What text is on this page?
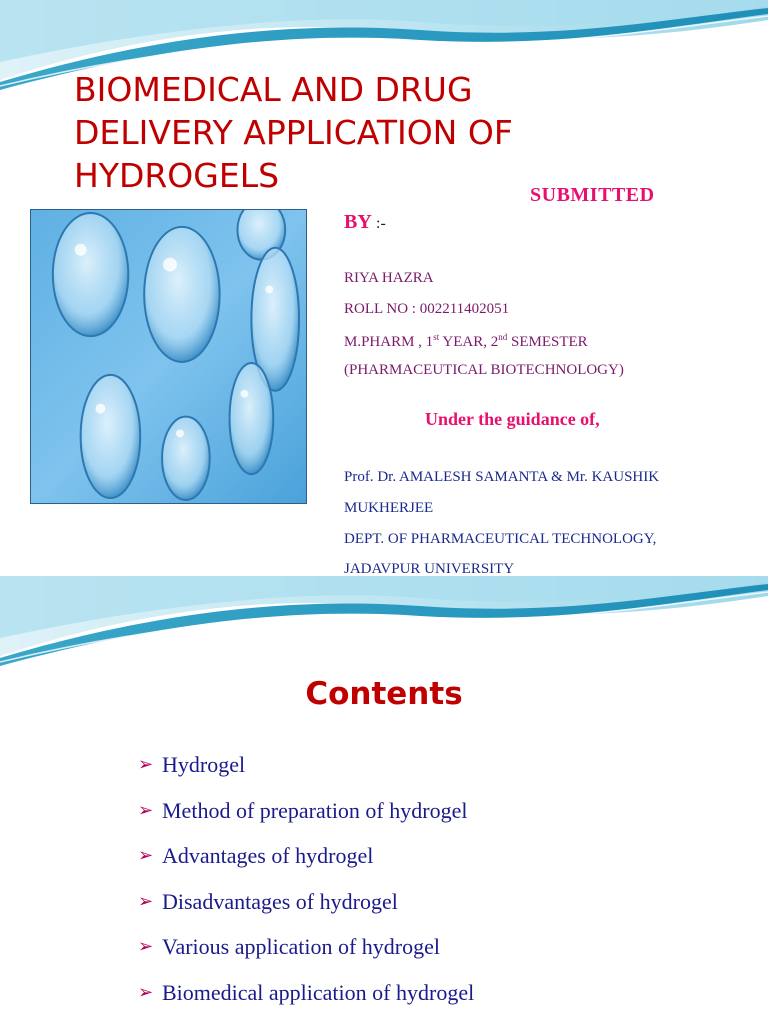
BIOMEDICAL AND DRUG
DELIVERY APPLICATION OF
HYDROGELS	SUBMITTED
BY :-
RIYA HAZRA
ROLL NO : 002211402051
M.PHARM , 1st YEAR, 2nd SEMESTER
(PHARMACEUTICAL BIOTECHNOLOGY)
Under the guidance of,
Prof. Dr. AMALESH SAMANTA & Mr. KAUSHIK
MUKHERJEE
DEPT. OF PHARMACEUTICAL TECHNOLOGY,
JADAVPUR UNIVERSITY
Contents
➢ Hydrogel
➢ Method of preparation of hydrogel
➢ Advantages of hydrogel
➢ Disadvantages of hydrogel
➢ Various application of hydrogel
➢ Biomedical application of hydrogel
